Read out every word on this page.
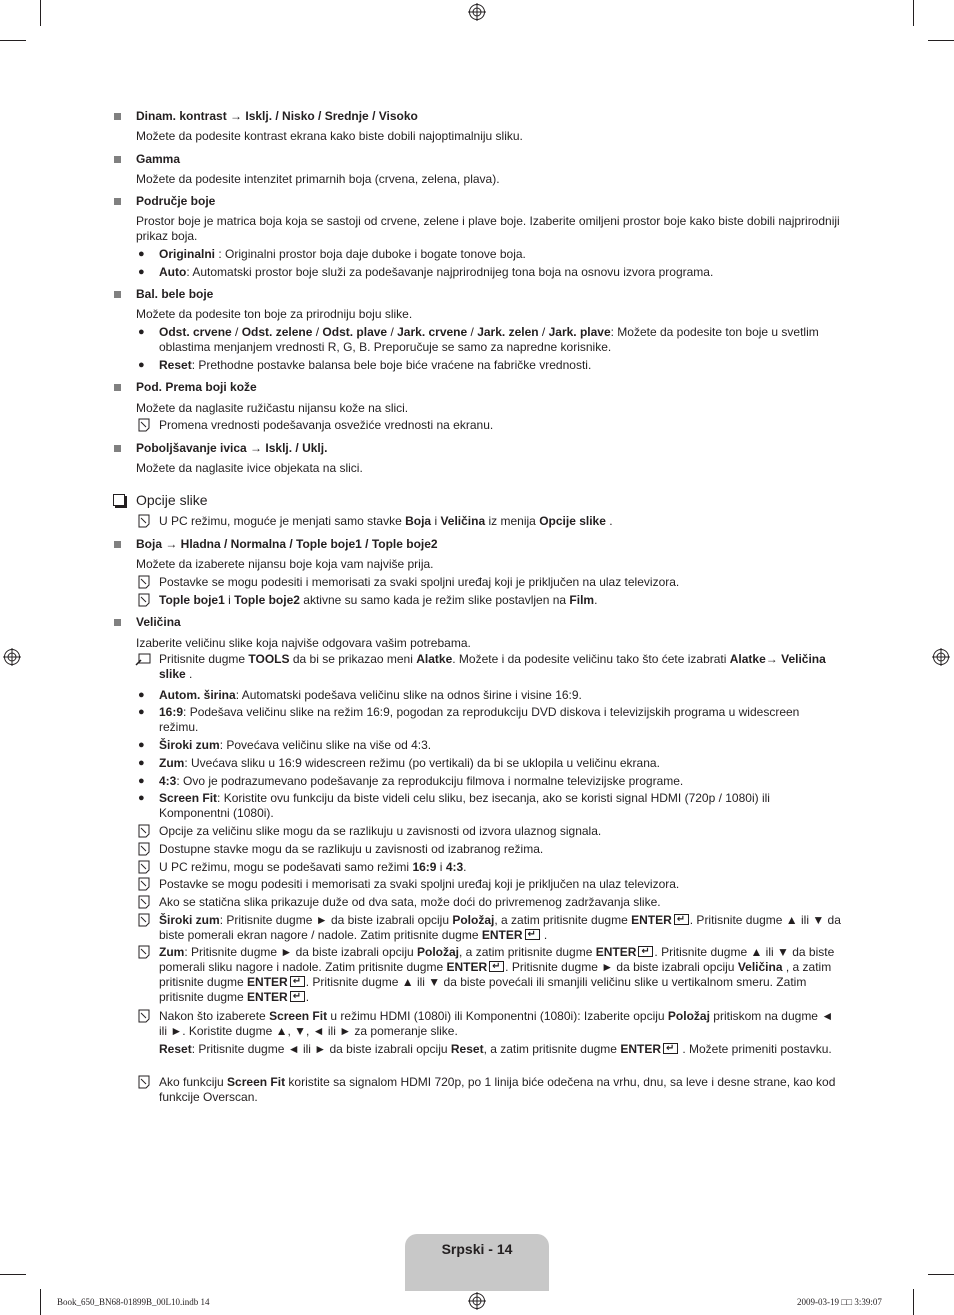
Dinam. kontrast → Isklj. / Nisko / Srednje / Visoko
Možete da podesite kontrast ekrana kako biste dobili najoptimalniju sliku.
Gamma
Možete da podesite intenzitet primarnih boja (crvena, zelena, plava).
Područje boje
Prostor boje je matrica boja koja se sastoji od crvene, zelene i plave boje. Izaberite omiljeni prostor boje kako biste dobili najprirodniji prikaz boja.
● Originalni : Originalni prostor boja daje duboke i bogate tonove boja.
● Auto: Automatski prostor boje služi za podešavanje najprirodnijeg tona boja na osnovu izvora programa.
Bal. bele boje
Možete da podesite ton boje za prirodniju boju slike.
● Odst. crvene / Odst. zelene / Odst. plave / Jark. crvene / Jark. zelen / Jark. plave: Možete da podesite ton boje u svetlim oblastima menjanjem vrednosti R, G, B. Preporučuje se samo za napredne korisnike.
● Reset: Prethodne postavke balansa bele boje biće vraćene na fabričke vrednosti.
Pod. Prema boji kože
Možete da naglasite ružičastu nijansu kože na slici.
Promena vrednosti podešavanja osvežiće vrednosti na ekranu.
Poboljšavanje ivica → Isklj. / Uklj.
Možete da naglasite ivice objekata na slici.
Opcije slike
U PC režimu, moguće je menjati samo stavke Boja i Veličina iz menija Opcije slike .
Boja → Hladna / Normalna / Tople boje1 / Tople boje2
Možete da izaberete nijansu boje koja vam najviše prija.
Postavke se mogu podesiti i memorisati za svaki spoljni uređaj koji je priključen na ulaz televizora.
Tople boje1 i Tople boje2 aktivne su samo kada je režim slike postavljen na Film.
Veličina
Izaberite veličinu slike koja najviše odgovara vašim potrebama.
Pritisnite dugme TOOLS da bi se prikazao meni Alatke. Možete i da podesite veličinu tako što ćete izabrati Alatke→ Veličina slike .
● Autom. širina: Automatski podešava veličinu slike na odnos širine i visine 16:9.
● 16:9: Podešava veličinu slike na režim 16:9, pogodan za reprodukciju DVD diskova i televizijskih programa u widescreen režimu.
● Široki zum: Povećava veličinu slike na više od 4:3.
● Zum: Uvećava sliku u 16:9 widescreen režimu (po vertikali) da bi se uklopila u veličinu ekrana.
● 4:3: Ovo je podrazumevano podešavanje za reprodukciju filmova i normalne televizijske programe.
● Screen Fit: Koristite ovu funkciju da biste videli celu sliku, bez isecanja, ako se koristi signal HDMI (720p / 1080i) ili Komponentni (1080i).
Opcije za veličinu slike mogu da se razlikuju u zavisnosti od izvora ulaznog signala.
Dostupne stavke mogu da se razlikuju u zavisnosti od izabranog režima.
U PC režimu, mogu se podešavati samo režimi 16:9 i 4:3.
Postavke se mogu podesiti i memorisati za svaki spoljni uređaj koji je priključen na ulaz televizora.
Ako se statična slika prikazuje duže od dva sata, može doći do privremenog zadržavanja slike.
Široki zum: Pritisnite dugme ► da biste izabrali opciju Položaj, a zatim pritisnite dugme ENTER ↵ . Pritisnite dugme ▲ ili ▼ da biste pomerali ekran nagore / nadole. Zatim pritisnite dugme ENTER↵ .
Zum: Pritisnite dugme ► da biste izabrali opciju Položaj, a zatim pritisnite dugme ENTER ↵ . Pritisnite dugme ▲ ili ▼ da biste pomerali sliku nagore i nadole. Zatim pritisnite dugme ENTER ↵ . Pritisnite dugme ► da biste izabrali opciju Veličina , a zatim pritisnite dugme ENTER ↵ . Pritisnite dugme ▲ ili ▼ da biste povećali ili smanjili veličinu slike u vertikalnom smeru. Zatim pritisnite dugme ENTER ↵ .
Nakon što izaberete Screen Fit u režimu HDMI (1080i) ili Komponentni (1080i): Izaberite opciju Položaj pritiskom na dugme ◄ ili ►. Koristite dugme ▲, ▼, ◄ ili ► za pomeranje slike.
Reset: Pritisnite dugme ◄ ili ► da biste izabrali opciju Reset, a zatim pritisnite dugme ENTER↵ . Možete primeniti postavku.
Ako funkciju Screen Fit koristite sa signalom HDMI 720p, po 1 linija biće odečena na vrhu, dnu, sa leve i desne strane, kao kod funkcije Overscan.
Srpski - 14
Book_650_BN68-01899B_00L10.indb 14	2009-03-19 □□ 3:39:07
